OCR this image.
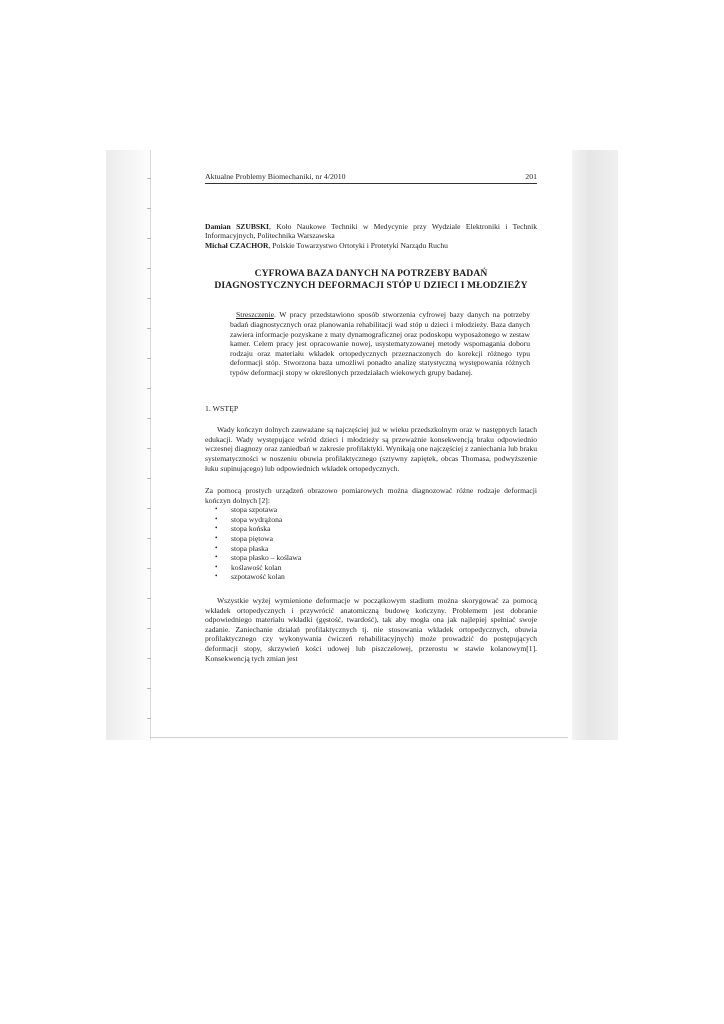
Aktualne Problemy Biomechaniki, nr 4/2010	201

Damian SZUBSKI, Koło Naukowe Techniki w Medycynie przy Wydziale Elektroniki i Technik Informacyjnych, Politechnika Warszawska

Michał CZACHOR, Polskie Towarzystwo Ortotyki i Protetyki Narządu Ruchu

CYFROWA BAZA DANYCH NA POTRZEBY BADAŃ
DIAGNOSTYCZNYCH DEFORMACJI STÓP U DZIECI I MŁODZIEŻY

Streszczenie. W pracy przedstawiono sposób stworzenia cyfrowej bazy danych na potrzeby badań diagnostycznych oraz planowania rehabilitacji wad stóp u dzieci i młodzieży. Baza danych zawiera informacje pozyskane z maty dynamograficznej oraz podoskopu wyposażonego w zestaw kamer. Celem pracy jest opracowanie nowej, usystematyzowanej metody wspomagania doboru rodzaju oraz materiału wkładek ortopedycznych przeznaczonych do korekcji różnego typu deformacji stóp. Stworzona baza umożliwi ponadto analizę statystyczną występowania różnych typów deformacji stopy w określonych przedziałach wiekowych grupy badanej.

1. WSTĘP

Wady kończyn dolnych zauważane są najczęściej już w wieku przedszkolnym oraz w następnych latach edukacji. Wady występujące wśród dzieci i młodzieży są przeważnie konsekwencją braku odpowiednio wczesnej diagnozy oraz zaniedbań w zakresie profilaktyki. Wynikają one najczęściej z zaniechania lub braku systematyczności w noszeniu obuwia profilaktycznego (sztywny zapiętek, obcas Thomasa, podwyższenie łuku supinującego) lub odpowiednich wkładek ortopedycznych.

Za pomocą prostych urządzeń obrazowo pomiarowych można diagnozować różne rodzaje deformacji kończyn dolnych [2]:

• stopa szpotawa
• stopa wydrążona
• stopa końska
• stopa piętowa
• stopa płaska
• stopa płasko – koślawa
• koślawość kolan
• szpotawość kolan

Wszystkie wyżej wymienione deformacje w początkowym stadium można skorygować za pomocą wkładek ortopedycznych i przywrócić anatomiczną budowę kończyny. Problemem jest dobranie odpowiedniego materiału wkładki (gęstość, twardość), tak aby mogła ona jak najlepiej spełniać swoje zadanie. Zaniechanie działań profilaktycznych tj. nie stosowania wkładek ortopedycznych, obuwia profilaktycznego czy wykonywania ćwiczeń rehabilitacyjnych) może prowadzić do postępujących deformacji stopy, skrzywień kości udowej lub piszczelowej, przerostu w stawie kolanowym[1]. Konsekwencją tych zmian jest
